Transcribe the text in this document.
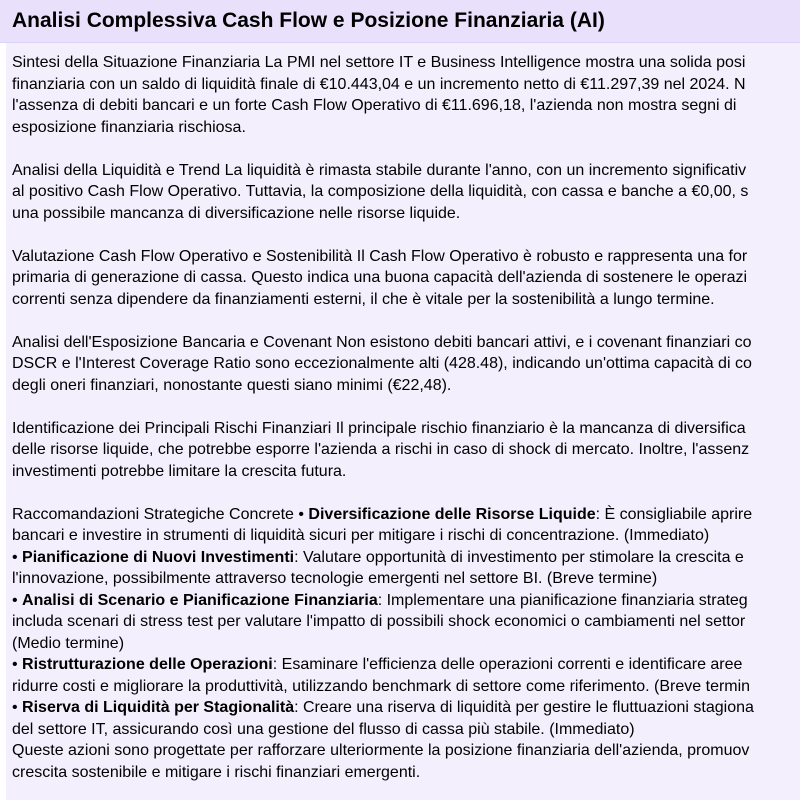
Analisi Complessiva Cash Flow e Posizione Finanziaria (AI)
Sintesi della Situazione Finanziaria La PMI nel settore IT e Business Intelligence mostra una solida posi
finanziaria con un saldo di liquidità finale di €10.443,04 e un incremento netto di €11.297,39 nel 2024. N
l'assenza di debiti bancari e un forte Cash Flow Operativo di €11.696,18, l'azienda non mostra segni di
esposizione finanziaria rischiosa.
Analisi della Liquidità e Trend La liquidità è rimasta stabile durante l'anno, con un incremento significativ
al positivo Cash Flow Operativo. Tuttavia, la composizione della liquidità, con cassa e banche a €0,00, s
una possibile mancanza di diversificazione nelle risorse liquide.
Valutazione Cash Flow Operativo e Sostenibilità Il Cash Flow Operativo è robusto e rappresenta una for
primaria di generazione di cassa. Questo indica una buona capacità dell'azienda di sostenere le operazi
correnti senza dipendere da finanziamenti esterni, il che è vitale per la sostenibilità a lungo termine.
Analisi dell'Esposizione Bancaria e Covenant Non esistono debiti bancari attivi, e i covenant finanziari co
DSCR e l'Interest Coverage Ratio sono eccezionalmente alti (428.48), indicando un'ottima capacità di co
degli oneri finanziari, nonostante questi siano minimi (€22,48).
Identificazione dei Principali Rischi Finanziari Il principale rischio finanziario è la mancanza di diversifica
delle risorse liquide, che potrebbe esporre l'azienda a rischi in caso di shock di mercato. Inoltre, l'assenz
investimenti potrebbe limitare la crescita futura.
Raccomandazioni Strategiche Concrete • Diversificazione delle Risorse Liquide: È consigliabile aprire
bancari e investire in strumenti di liquidità sicuri per mitigare i rischi di concentrazione. (Immediato)
• Pianificazione di Nuovi Investimenti: Valutare opportunità di investimento per stimolare la crescita e
l'innovazione, possibilmente attraverso tecnologie emergenti nel settore BI. (Breve termine)
• Analisi di Scenario e Pianificazione Finanziaria: Implementare una pianificazione finanziaria strateg
includa scenari di stress test per valutare l'impatto di possibili shock economici o cambiamenti nel settor
(Medio termine)
• Ristrutturazione delle Operazioni: Esaminare l'efficienza delle operazioni correnti e identificare aree
ridurre costi e migliorare la produttività, utilizzando benchmark di settore come riferimento. (Breve termin
• Riserva di Liquidità per Stagionalità: Creare una riserva di liquidità per gestire le fluttuazioni stagiona
del settore IT, assicurando così una gestione del flusso di cassa più stabile. (Immediato)
Queste azioni sono progettate per rafforzare ulteriormente la posizione finanziaria dell'azienda, promuov
crescita sostenibile e mitigare i rischi finanziari emergenti.
